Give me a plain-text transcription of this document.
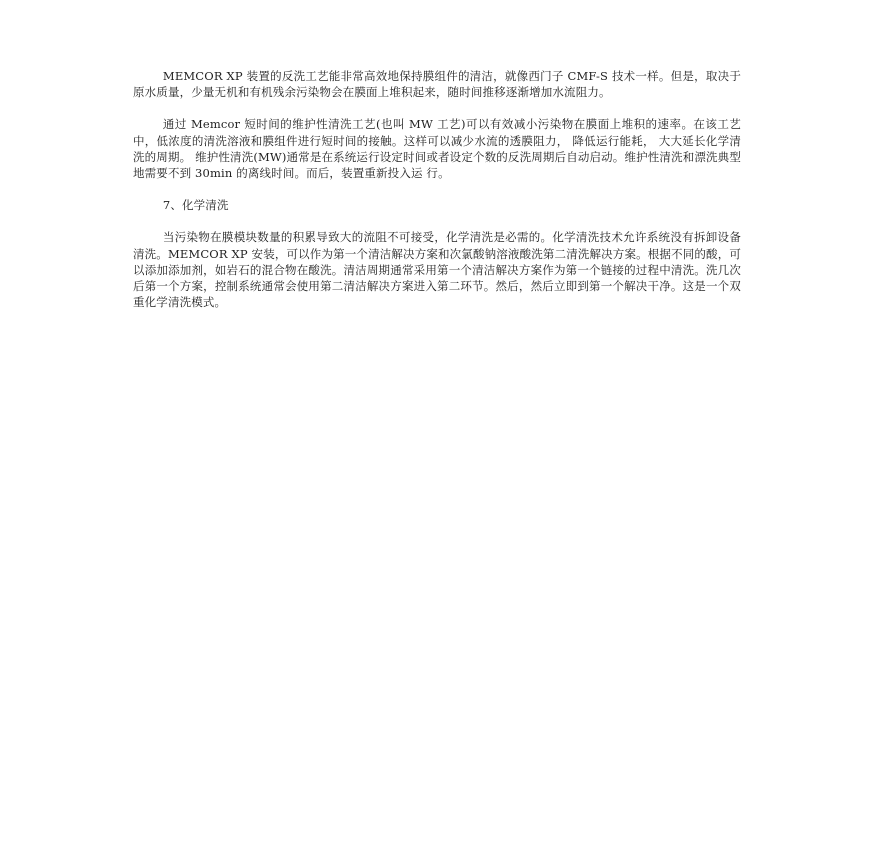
MEMCOR XP 装置的反洗工艺能非常高效地保持膜组件的清洁，就像西门子 CMF-S 技术一样。但是，取决于原水质量，少量无机和有机残余污染物会在膜面上堆积起来，随时间推移逐渐增加水流阻力。

通过 Memcor 短时间的维护性清洗工艺(也叫 MW 工艺)可以有效减小污染物在膜面上堆积的速率。在该工艺中，低浓度的清洗溶液和膜组件进行短时间的接触。这样可以减少水流的透膜阻力， 降低运行能耗， 大大延长化学清洗的周期。 维护性清洗(MW)通常是在系统运行设定时间或者设定个数的反洗周期后自动启动。维护性清洗和漂洗典型地需要不到 30min 的离线时间。而后，装置重新投入运 行。

7、化学清洗

当污染物在膜模块数量的积累导致大的流阻不可接受，化学清洗是必需的。化学清洗技术允许系统没有拆卸设备清洗。MEMCOR XP 安装，可以作为第一个清洁解决方案和次氯酸钠溶液酸洗第二清洗解决方案。根据不同的酸，可以添加添加剂，如岩石的混合物在酸洗。清洁周期通常采用第一个清洁解决方案作为第一个链接的过程中清洗。洗几次后第一个方案，控制系统通常会使用第二清洁解决方案进入第二环节。然后，然后立即到第一个解决干净。这是一个双重化学清洗模式。
